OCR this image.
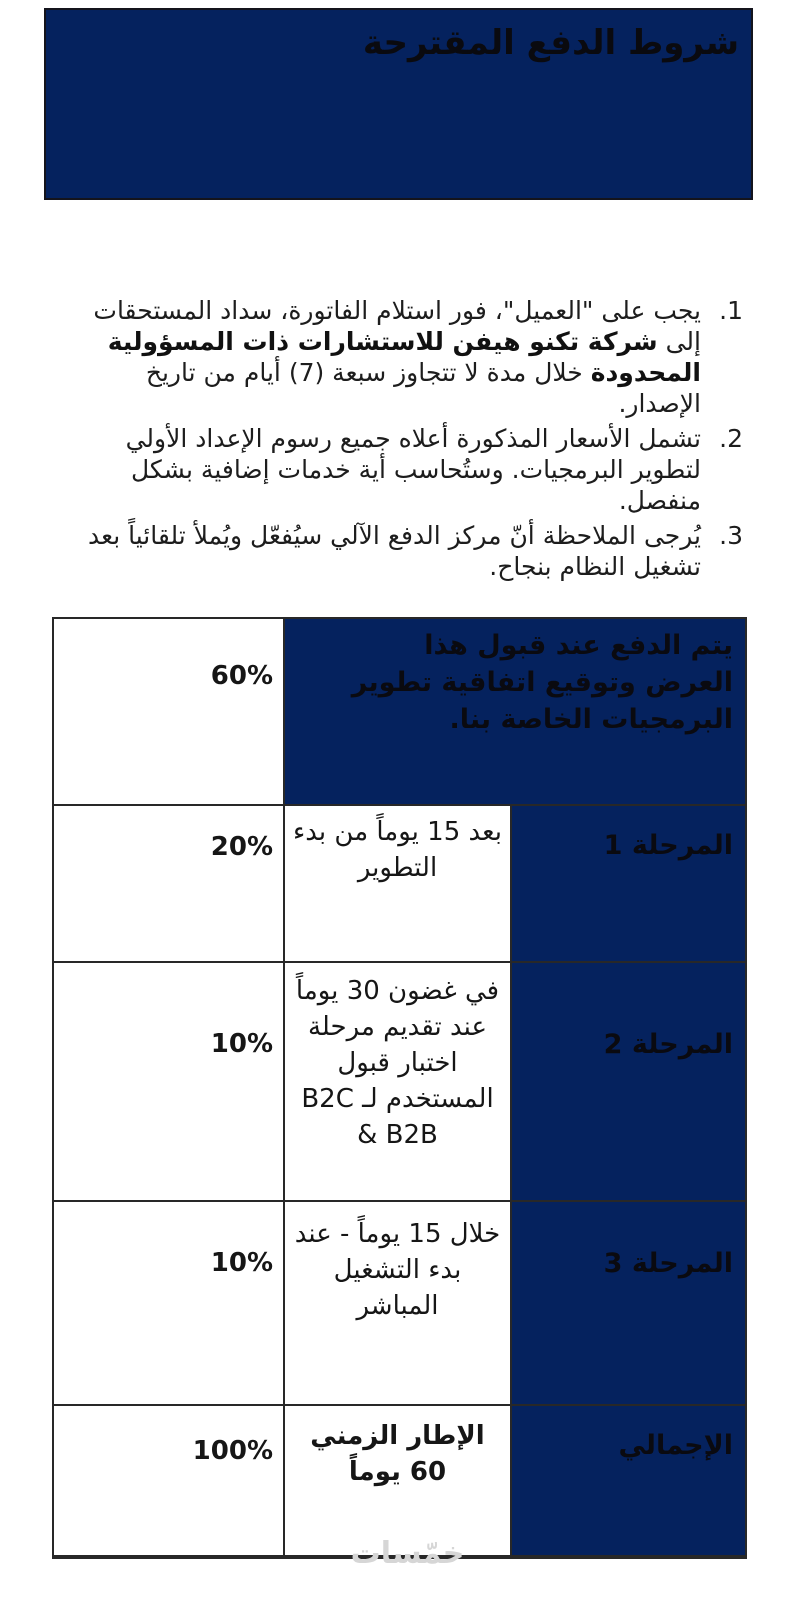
شروط الدفع المقترحة
1.
يجب على "العميل"، فور استلام الفاتورة، سداد المستحقات إلى شركة تكنو هيفن للاستشارات ذات المسؤولية المحدودة خلال مدة لا تتجاوز سبعة (7) أيام من تاريخ الإصدار.
2.
تشمل الأسعار المذكورة أعلاه جميع رسوم الإعداد الأولي لتطوير البرمجيات. وستُحاسب أية خدمات إضافية بشكل منفصل.
3.
يُرجى الملاحظة أنّ مركز الدفع الآلي سيُفعّل ويُملأ تلقائياً بعد تشغيل النظام بنجاح.
يتم الدفع عند قبول هذا العرض وتوقيع اتفاقية تطوير البرمجيات الخاصة بنا.		60%
المرحلة 1	بعد 15 يوماً من بدء التطوير	20%
المرحلة 2	في غضون 30 يوماً عند تقديم مرحلة اختبار قبول المستخدم لـ B2C & B2B	10%
المرحلة 3	خلال 15 يوماً - عند بدء التشغيل المباشر	10%
الإجمالي	الإطار الزمني 60 يوماً	100%
خمّسات
